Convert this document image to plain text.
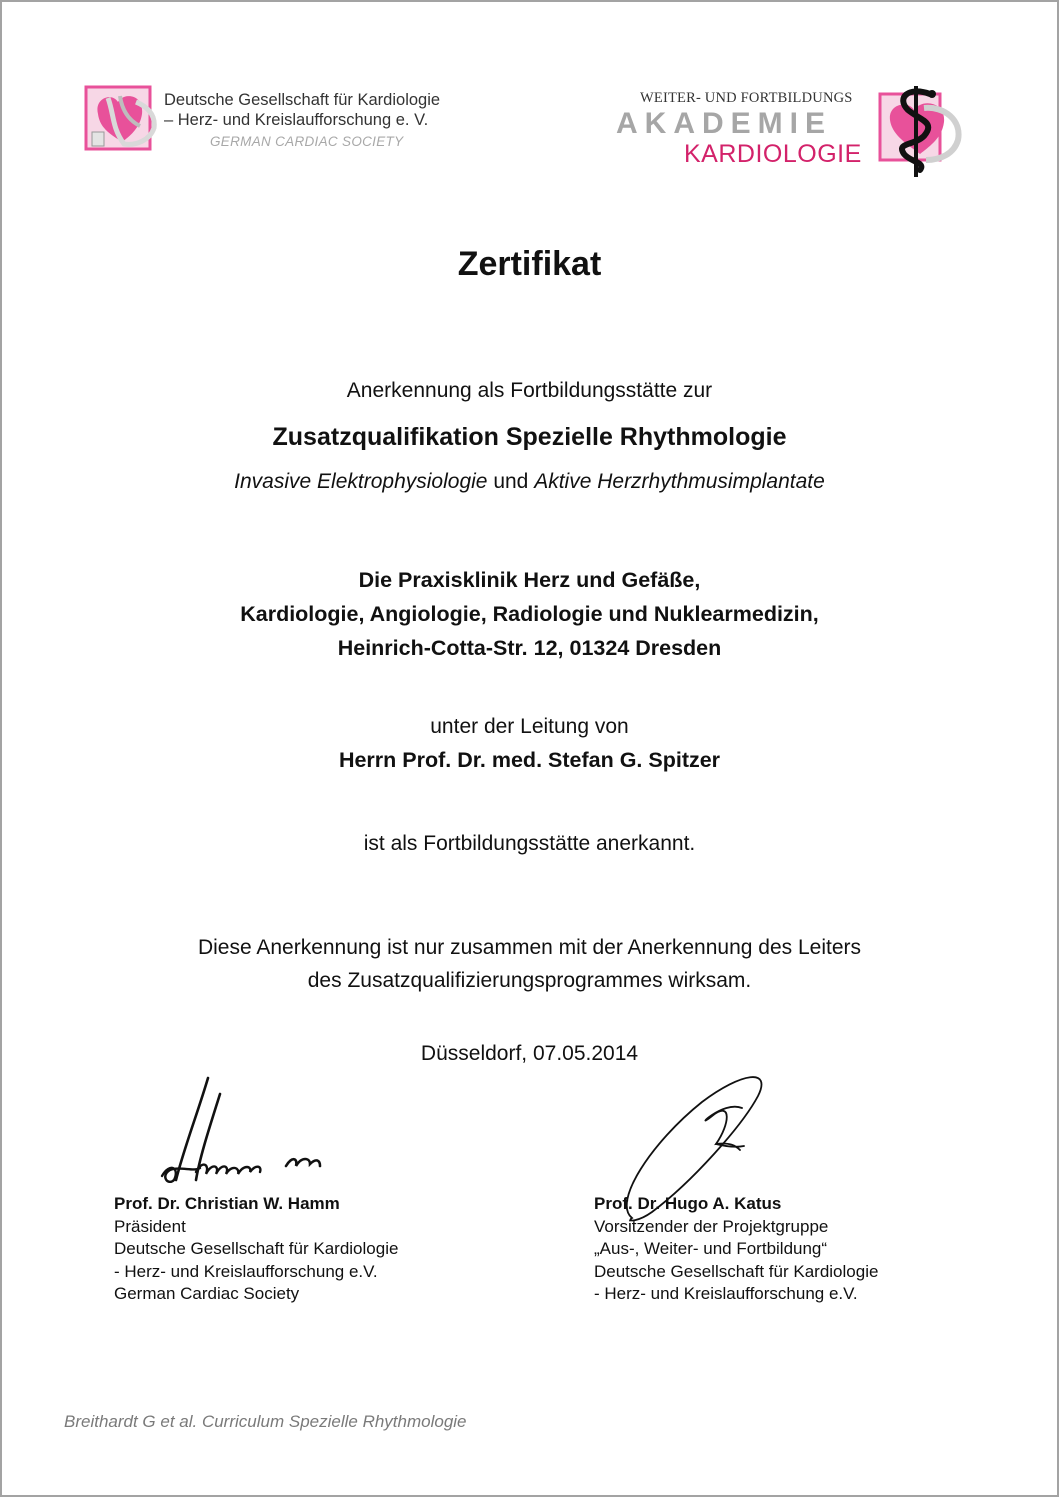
Deutsche Gesellschaft für Kardiologie
– Herz- und Kreislaufforschung e. V.
GERMAN CARDIAC SOCIETY
WEITER- UND FORTBILDUNGS
AKADEMIE
KARDIOLOGIE
Zertifikat
Anerkennung als Fortbildungsstätte zur
Zusatzqualifikation Spezielle Rhythmologie
Invasive Elektrophysiologie und Aktive Herzrhythmusimplantate
Die Praxisklinik Herz und Gefäße,
Kardiologie, Angiologie, Radiologie und Nuklearmedizin,
Heinrich-Cotta-Str. 12, 01324 Dresden
unter der Leitung von
Herrn Prof. Dr. med. Stefan G. Spitzer
ist als Fortbildungsstätte anerkannt.
Diese Anerkennung ist nur zusammen mit der Anerkennung des Leiters
des Zusatzqualifizierungsprogrammes wirksam.
Düsseldorf, 07.05.2014
Prof. Dr. Christian W. Hamm
Präsident
Deutsche Gesellschaft für Kardiologie
- Herz- und Kreislaufforschung e.V.
German Cardiac Society
Prof. Dr. Hugo A. Katus
Vorsitzender der Projektgruppe
„Aus-, Weiter- und Fortbildung“
Deutsche Gesellschaft für Kardiologie
- Herz- und Kreislaufforschung e.V.
Breithardt G et al. Curriculum Spezielle Rhythmologie
